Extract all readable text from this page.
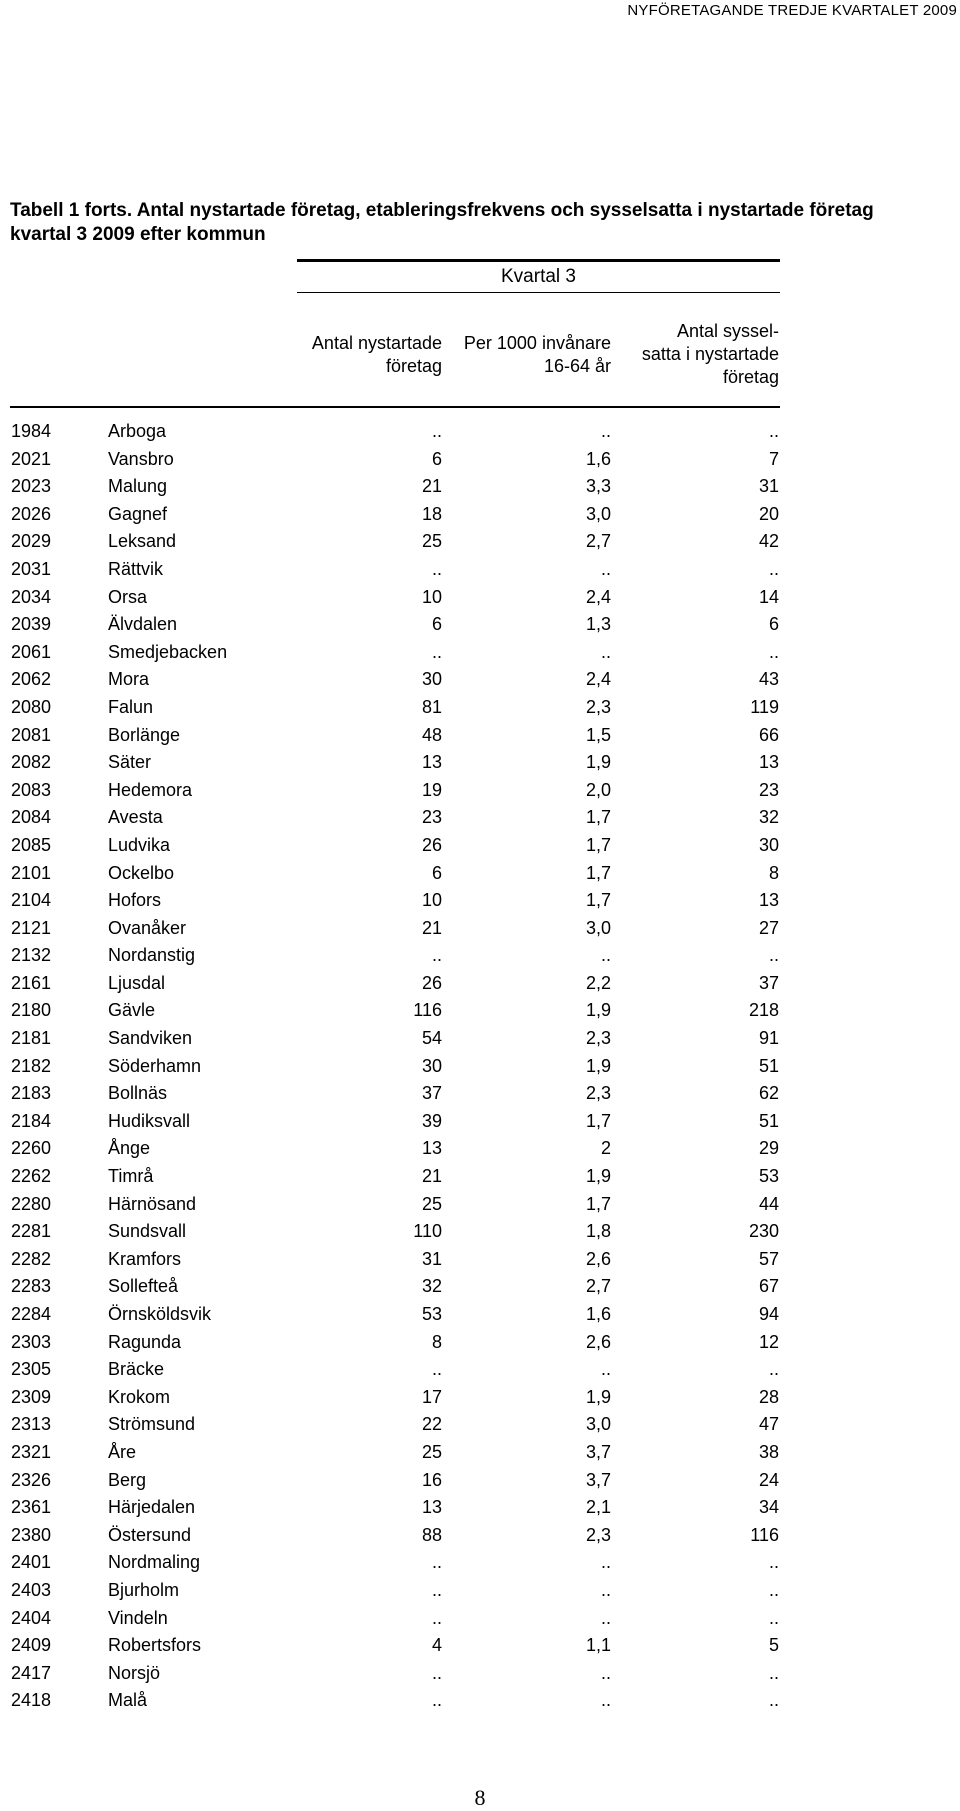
NYFÖRETAGANDE TREDJE KVARTALET 2009
Tabell 1 forts. Antal nystartade företag, etableringsfrekvens och sysselsatta i nystartade företag
kvartal 3 2009 efter kommun
Kvartal 3
Antal nystartade
företag
Per 1000 invånare
16-64 år
Antal syssel-
satta i nystartade
företag
1984	Arboga	..	..	..
2021	Vansbro	6	1,6	7
2023	Malung	21	3,3	31
2026	Gagnef	18	3,0	20
2029	Leksand	25	2,7	42
2031	Rättvik	..	..	..
2034	Orsa	10	2,4	14
2039	Älvdalen	6	1,3	6
2061	Smedjebacken	..	..	..
2062	Mora	30	2,4	43
2080	Falun	81	2,3	119
2081	Borlänge	48	1,5	66
2082	Säter	13	1,9	13
2083	Hedemora	19	2,0	23
2084	Avesta	23	1,7	32
2085	Ludvika	26	1,7	30
2101	Ockelbo	6	1,7	8
2104	Hofors	10	1,7	13
2121	Ovanåker	21	3,0	27
2132	Nordanstig	..	..	..
2161	Ljusdal	26	2,2	37
2180	Gävle	116	1,9	218
2181	Sandviken	54	2,3	91
2182	Söderhamn	30	1,9	51
2183	Bollnäs	37	2,3	62
2184	Hudiksvall	39	1,7	51
2260	Ånge	13	2	29
2262	Timrå	21	1,9	53
2280	Härnösand	25	1,7	44
2281	Sundsvall	110	1,8	230
2282	Kramfors	31	2,6	57
2283	Sollefteå	32	2,7	67
2284	Örnsköldsvik	53	1,6	94
2303	Ragunda	8	2,6	12
2305	Bräcke	..	..	..
2309	Krokom	17	1,9	28
2313	Strömsund	22	3,0	47
2321	Åre	25	3,7	38
2326	Berg	16	3,7	24
2361	Härjedalen	13	2,1	34
2380	Östersund	88	2,3	116
2401	Nordmaling	..	..	..
2403	Bjurholm	..	..	..
2404	Vindeln	..	..	..
2409	Robertsfors	4	1,1	5
2417	Norsjö	..	..	..
2418	Malå	..	..	..
8
